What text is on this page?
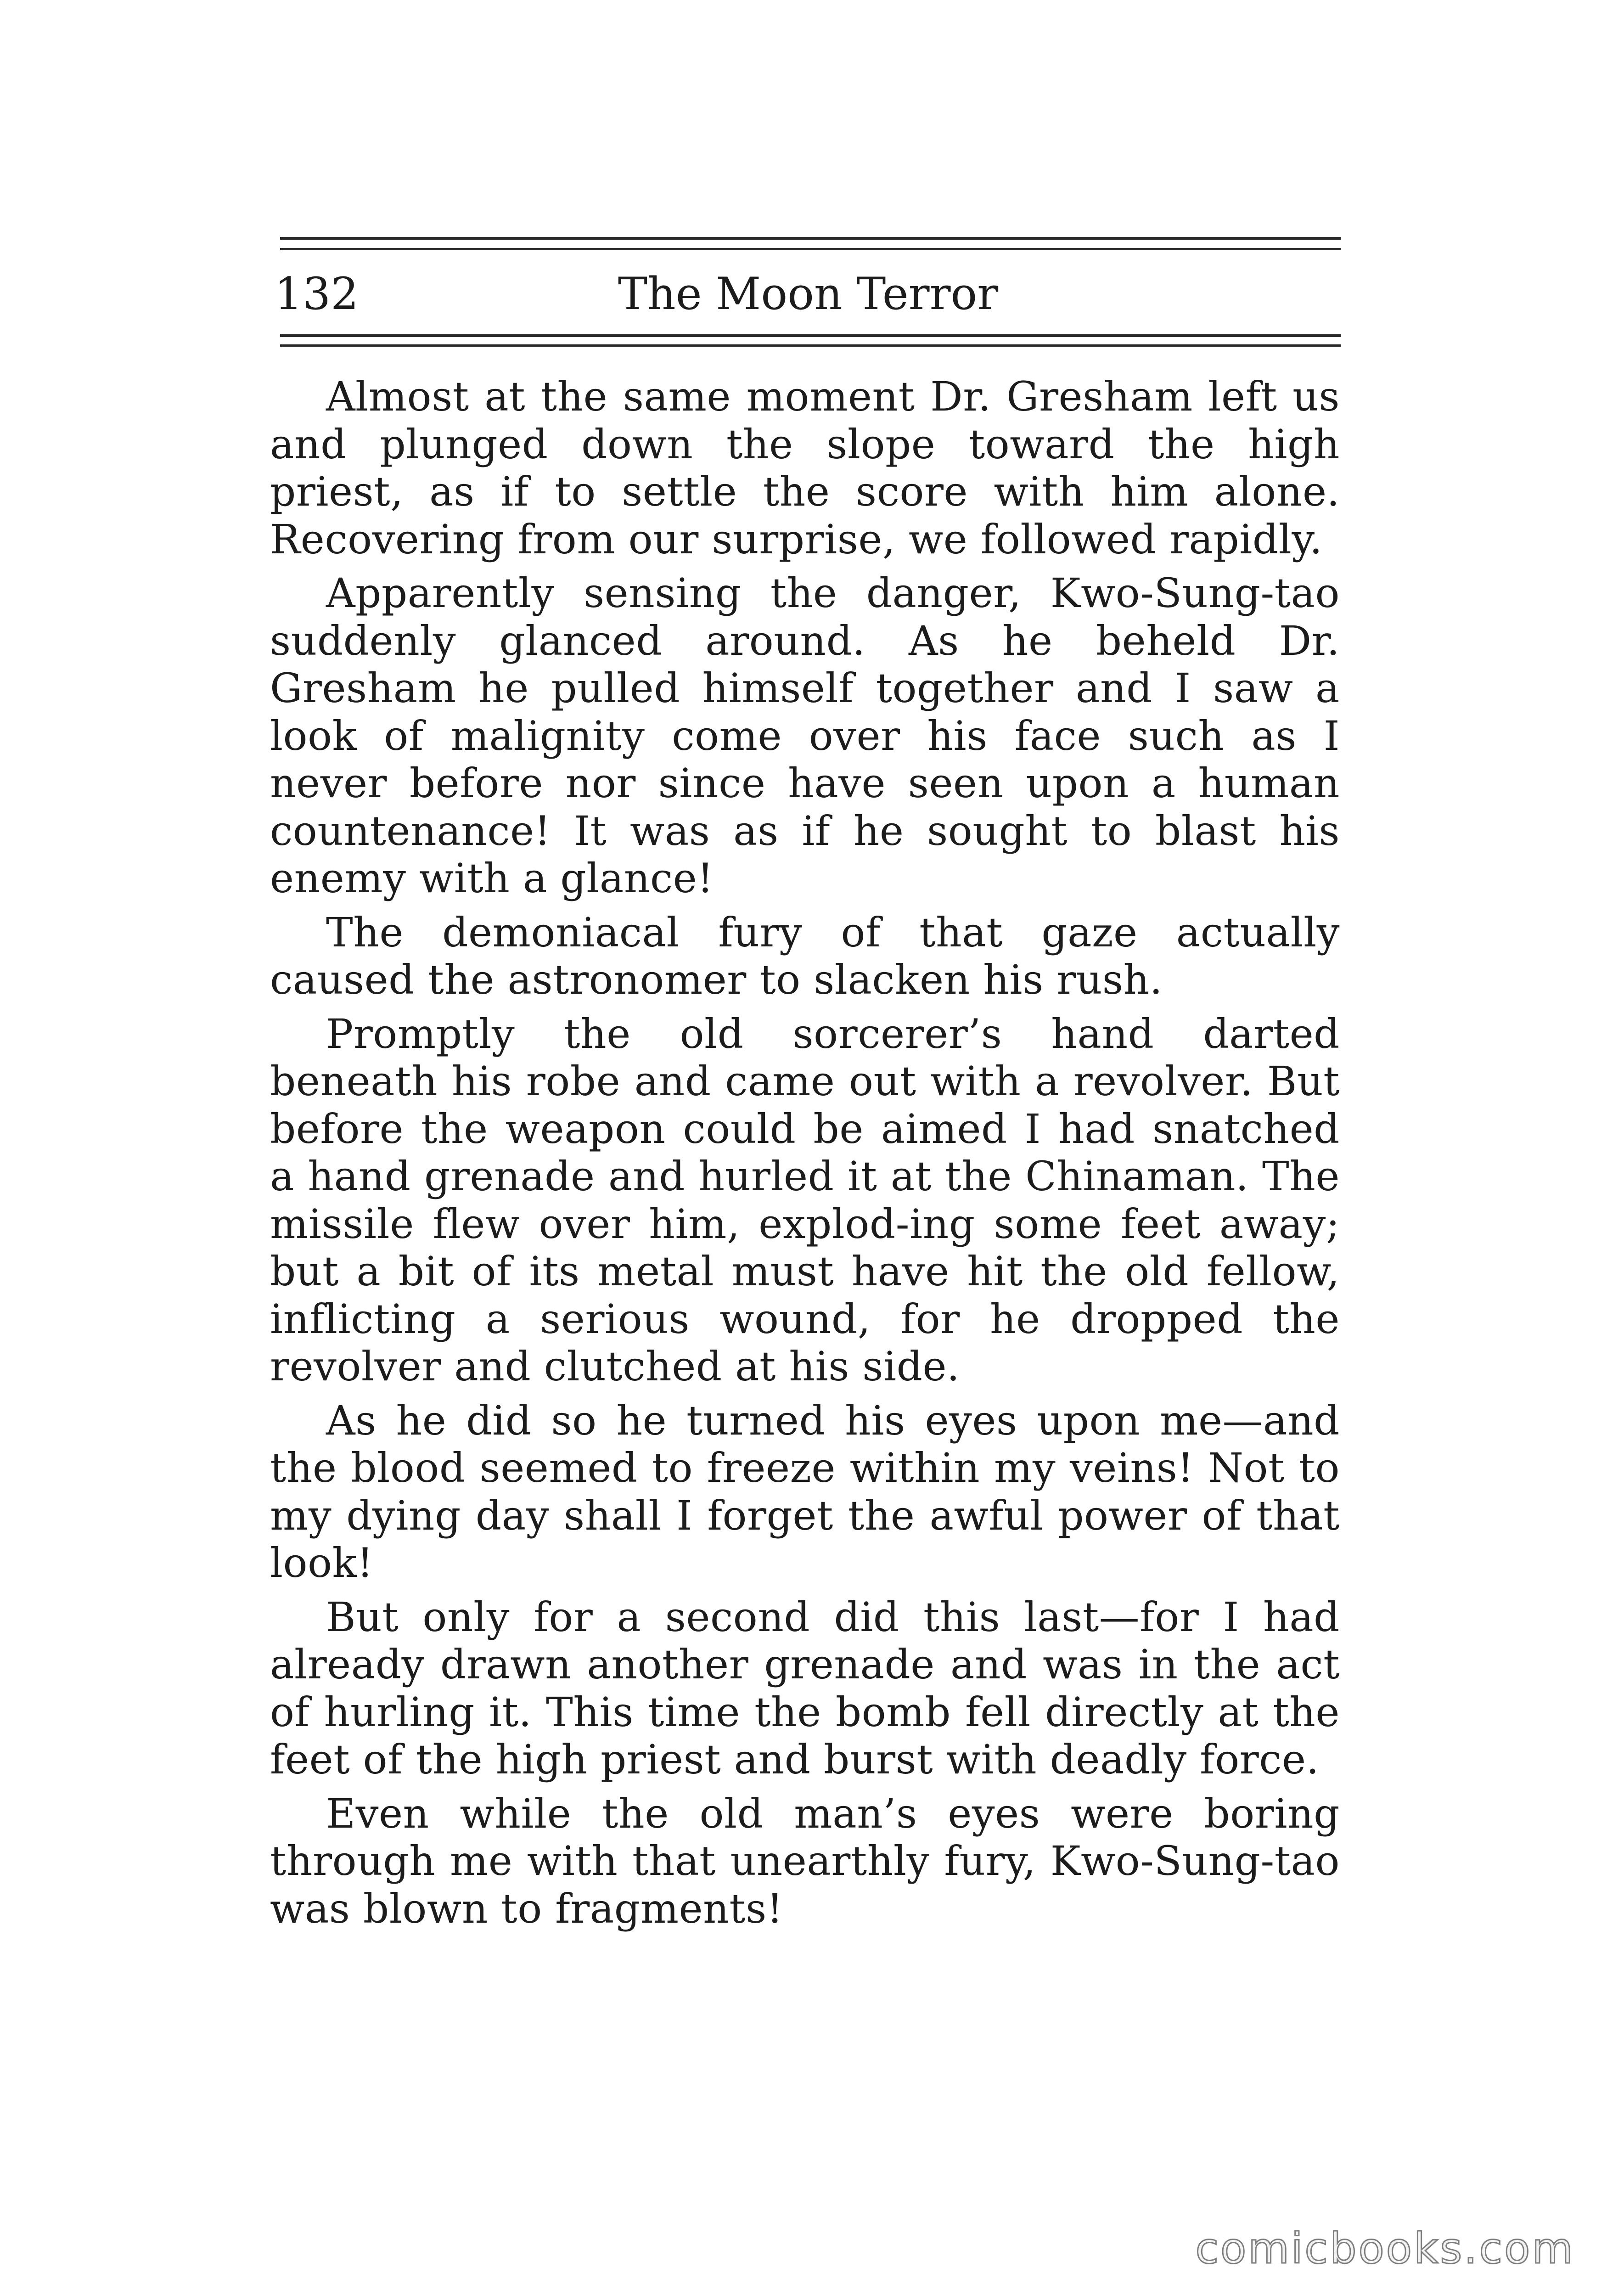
132	The Moon Terror

Almost at the same moment Dr. Gresham left us and plunged down the slope toward the high priest, as if to settle the score with him alone. Recovering from our surprise, we followed rapidly.

Apparently sensing the danger, Kwo-Sung-tao suddenly glanced around. As he beheld Dr. Gresham he pulled himself together and I saw a look of malignity come over his face such as I never before nor since have seen upon a human countenance! It was as if he sought to blast his enemy with a glance!

The demoniacal fury of that gaze actually caused the astronomer to slacken his rush.

Promptly the old sorcerer’s hand darted beneath his robe and came out with a revolver. But before the weapon could be aimed I had snatched a hand grenade and hurled it at the Chinaman. The missile flew over him, explod-ing some feet away; but a bit of its metal must have hit the old fellow, inflicting a serious wound, for he dropped the revolver and clutched at his side.

As he did so he turned his eyes upon me—and the blood seemed to freeze within my veins! Not to my dying day shall I forget the awful power of that look!

But only for a second did this last—for I had already drawn another grenade and was in the act of hurling it. This time the bomb fell directly at the feet of the high priest and burst with deadly force.

Even while the old man’s eyes were boring through me with that unearthly fury, Kwo-Sung-tao was blown to fragments!

comicbooks.com
